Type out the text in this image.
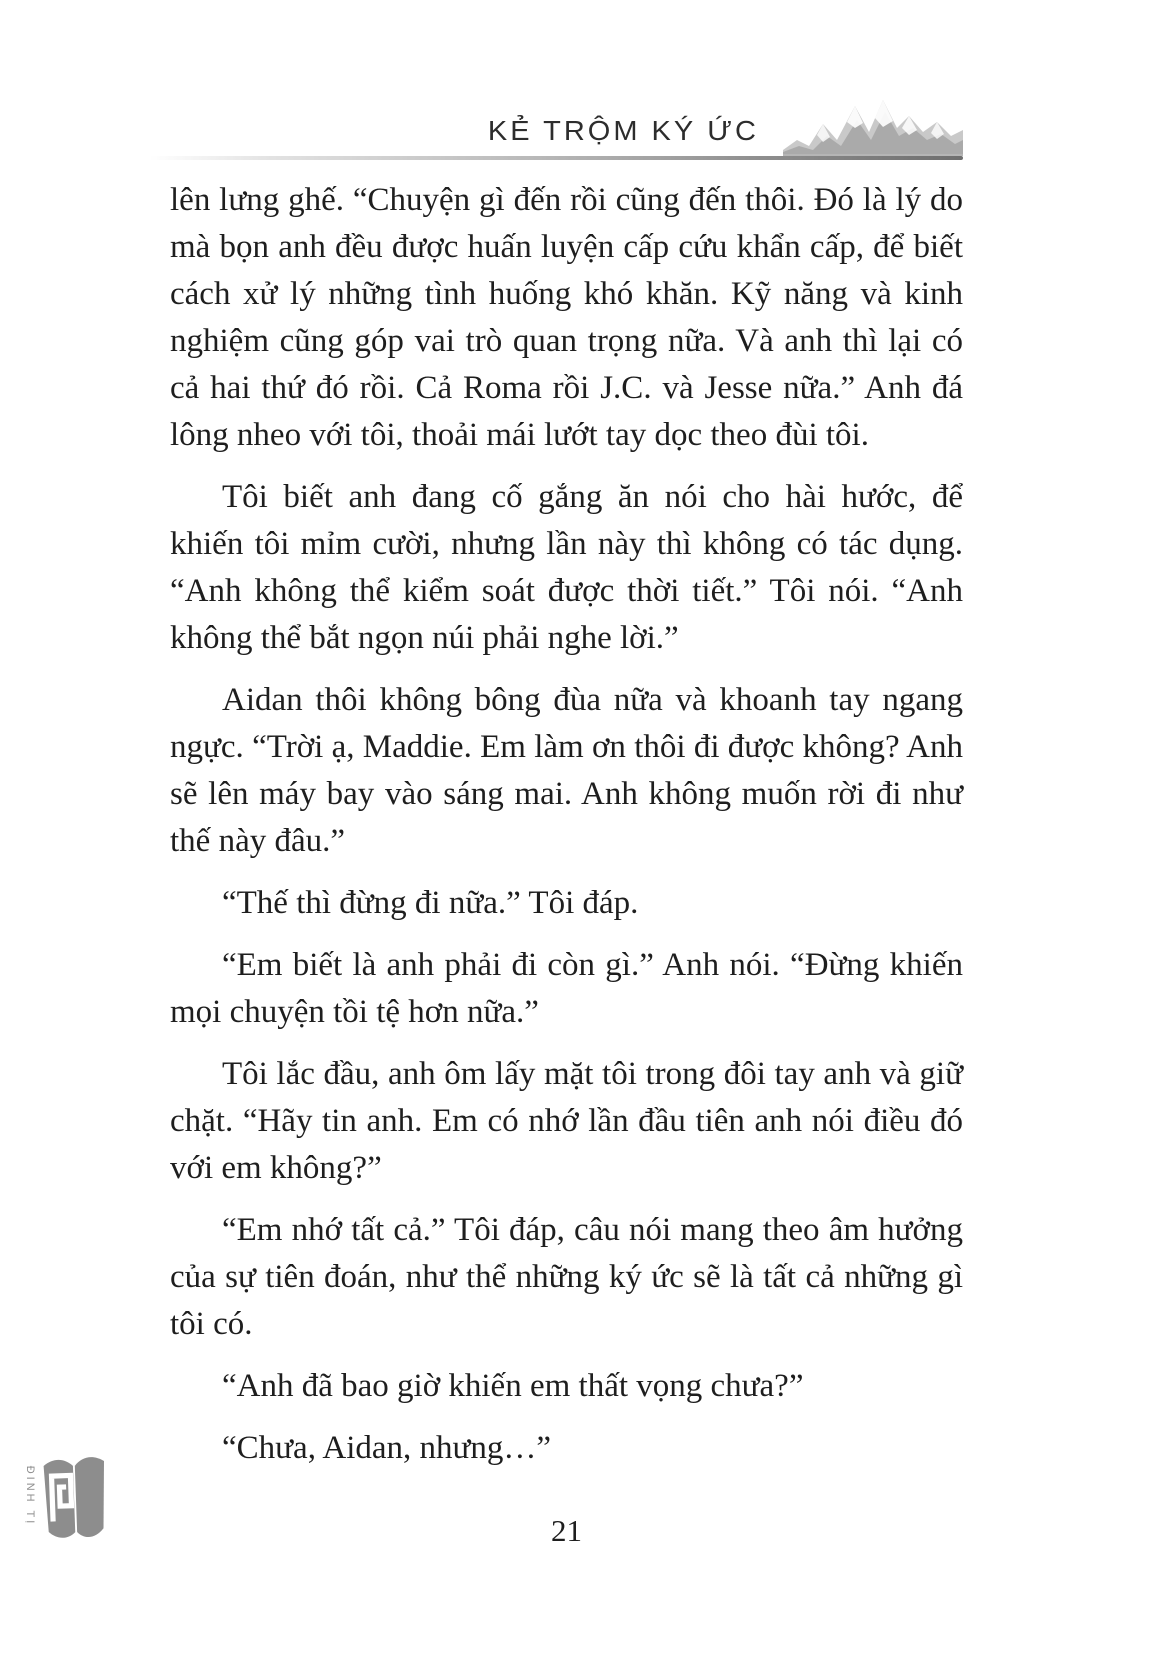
KẺ TRỘM KÝ ỨC

lên lưng ghế. “Chuyện gì đến rồi cũng đến thôi. Đó là lý do mà bọn anh đều được huấn luyện cấp cứu khẩn cấp, để biết cách xử lý những tình huống khó khăn. Kỹ năng và kinh nghiệm cũng góp vai trò quan trọng nữa. Và anh thì lại có cả hai thứ đó rồi. Cả Roma rồi J.C. và Jesse nữa.” Anh đá lông nheo với tôi, thoải mái lướt tay dọc theo đùi tôi.

Tôi biết anh đang cố gắng ăn nói cho hài hước, để khiến tôi mỉm cười, nhưng lần này thì không có tác dụng. “Anh không thể kiểm soát được thời tiết.” Tôi nói. “Anh không thể bắt ngọn núi phải nghe lời.”

Aidan thôi không bông đùa nữa và khoanh tay ngang ngực. “Trời ạ, Maddie. Em làm ơn thôi đi được không? Anh sẽ lên máy bay vào sáng mai. Anh không muốn rời đi như thế này đâu.”

“Thế thì đừng đi nữa.” Tôi đáp.

“Em biết là anh phải đi còn gì.” Anh nói. “Đừng khiến mọi chuyện tồi tệ hơn nữa.”

Tôi lắc đầu, anh ôm lấy mặt tôi trong đôi tay anh và giữ chặt. “Hãy tin anh. Em có nhớ lần đầu tiên anh nói điều đó với em không?”

“Em nhớ tất cả.” Tôi đáp, câu nói mang theo âm hưởng của sự tiên đoán, như thể những ký ức sẽ là tất cả những gì tôi có.

“Anh đã bao giờ khiến em thất vọng chưa?”

“Chưa, Aidan, nhưng…”

ĐINH TỊ
21
